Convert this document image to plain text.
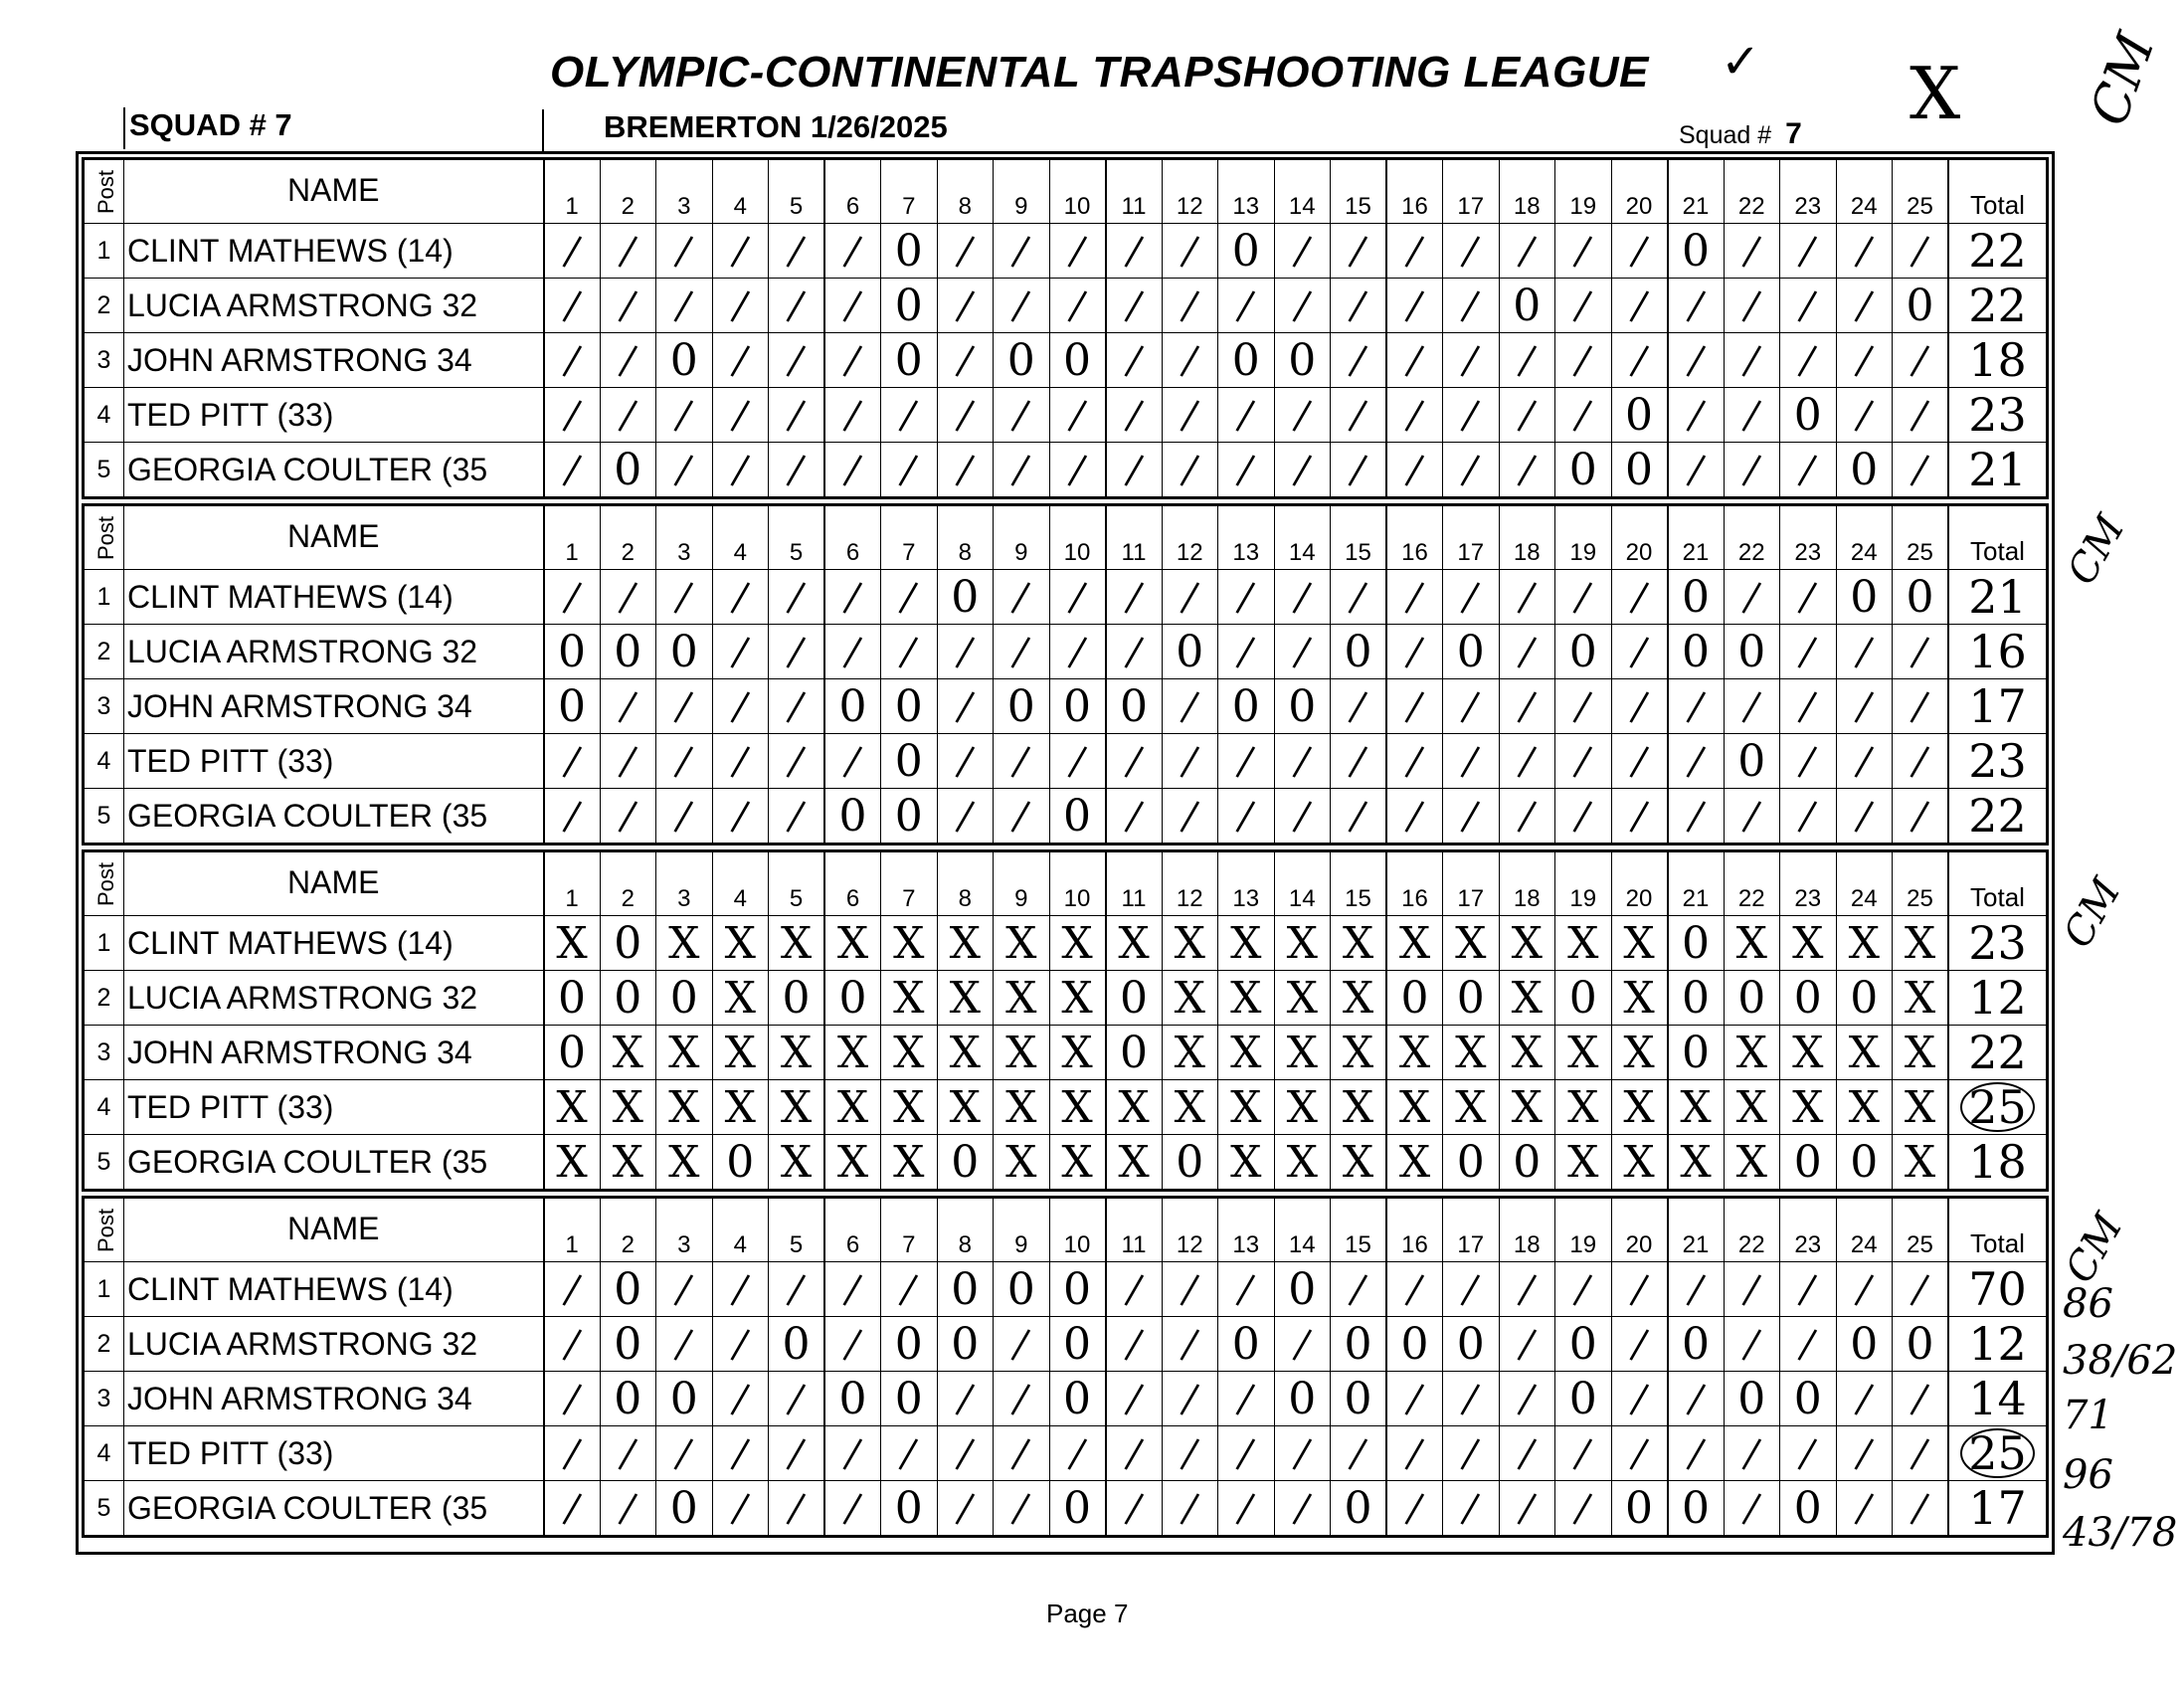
OLYMPIC-CONTINENTAL TRAPSHOOTING LEAGUE ✓ X CM
SQUAD # 7	BREMERTON 1/26/2025	Squad # 7
Post	NAME	1	2	3	4	5	6	7	8	9	10	11	12	13	14	15	16	17	18	19	20	21	22	23	24	25	Total
1	CLINT MATHEWS (14)	/	/	/	/	/	/	0	/	/	/	/	/	0	/	/	/	/	/	/	/	0	/	/	/	/	22
2	LUCIA ARMSTRONG 32	/	/	/	/	/	/	0	/	/	/	/	/	/	/	/	/	/	0	/	/	/	/	/	/	0	22
3	JOHN ARMSTRONG 34	/	/	0	/	/	/	0	/	0	0	/	/	0	0	/	/	/	/	/	/	/	/	/	/	/	18
4	TED PITT (33)	/	/	/	/	/	/	/	/	/	/	/	/	/	/	/	/	/	/	/	0	/	/	0	/	/	23
5	GEORGIA COULTER (35	/	0	/	/	/	/	/	/	/	/	/	/	/	/	/	/	/	/	0	0	/	/	/	0	/	21
Post	NAME	1	2	3	4	5	6	7	8	9	10	11	12	13	14	15	16	17	18	19	20	21	22	23	24	25	Total
1	CLINT MATHEWS (14)	/	/	/	/	/	/	/	0	/	/	/	/	/	/	/	/	/	/	/	/	0	/	/	0	0	21
2	LUCIA ARMSTRONG 32	0	0	0	/	/	/	/	/	/	/	/	0	/	/	0	/	0	/	0	/	0	0	/	/	/	16
3	JOHN ARMSTRONG 34	0	/	/	/	/	0	0	/	0	0	0	/	0	0	/	/	/	/	/	/	/	/	/	/	/	17
4	TED PITT (33)	/	/	/	/	/	/	0	/	/	/	/	/	/	/	/	/	/	/	/	/	/	0	/	/	/	23
5	GEORGIA COULTER (35	/	/	/	/	/	0	0	/	/	0	/	/	/	/	/	/	/	/	/	/	/	/	/	/	/	22
Post	NAME	1	2	3	4	5	6	7	8	9	10	11	12	13	14	15	16	17	18	19	20	21	22	23	24	25	Total
1	CLINT MATHEWS (14)	X	0	X	X	X	X	X	X	X	X	X	X	X	X	X	X	X	X	X	X	0	X	X	X	X	23
2	LUCIA ARMSTRONG 32	0	0	0	X	0	0	X	X	X	X	0	X	X	X	X	0	0	X	0	X	0	0	0	0	X	12
3	JOHN ARMSTRONG 34	0	X	X	X	X	X	X	X	X	X	0	X	X	X	X	X	X	X	X	X	0	X	X	X	X	22
4	TED PITT (33)	X	X	X	X	X	X	X	X	X	X	X	X	X	X	X	X	X	X	X	X	X	X	X	X	X	25
5	GEORGIA COULTER (35	X	X	X	0	X	X	X	0	X	X	X	0	X	X	X	X	0	0	X	X	X	X	0	0	X	18
Post	NAME	1	2	3	4	5	6	7	8	9	10	11	12	13	14	15	16	17	18	19	20	21	22	23	24	25	Total
1	CLINT MATHEWS (14)	/	0	/	/	/	/	/	0	0	0	/	/	/	0	/	/	/	/	/	/	/	/	/	/	/	70
2	LUCIA ARMSTRONG 32	/	0	/	/	0	/	0	0	/	0	/	/	0	/	0	0	0	/	0	/	0	/	/	0	0	12
3	JOHN ARMSTRONG 34	/	0	0	/	/	0	0	/	/	0	/	/	/	0	0	/	/	/	0	/	/	0	0	/	/	14
4	TED PITT (33)	/	/	/	/	/	/	/	/	/	/	/	/	/	/	/	/	/	/	/	/	/	/	/	/	/	25
5	GEORGIA COULTER (35	/	/	0	/	/	/	0	/	/	0	/	/	/	/	0	/	/	/	/	0	0	/	0	/	/	17
CM
CM
CM
86
38/62
71
96
43/78
Page 7
